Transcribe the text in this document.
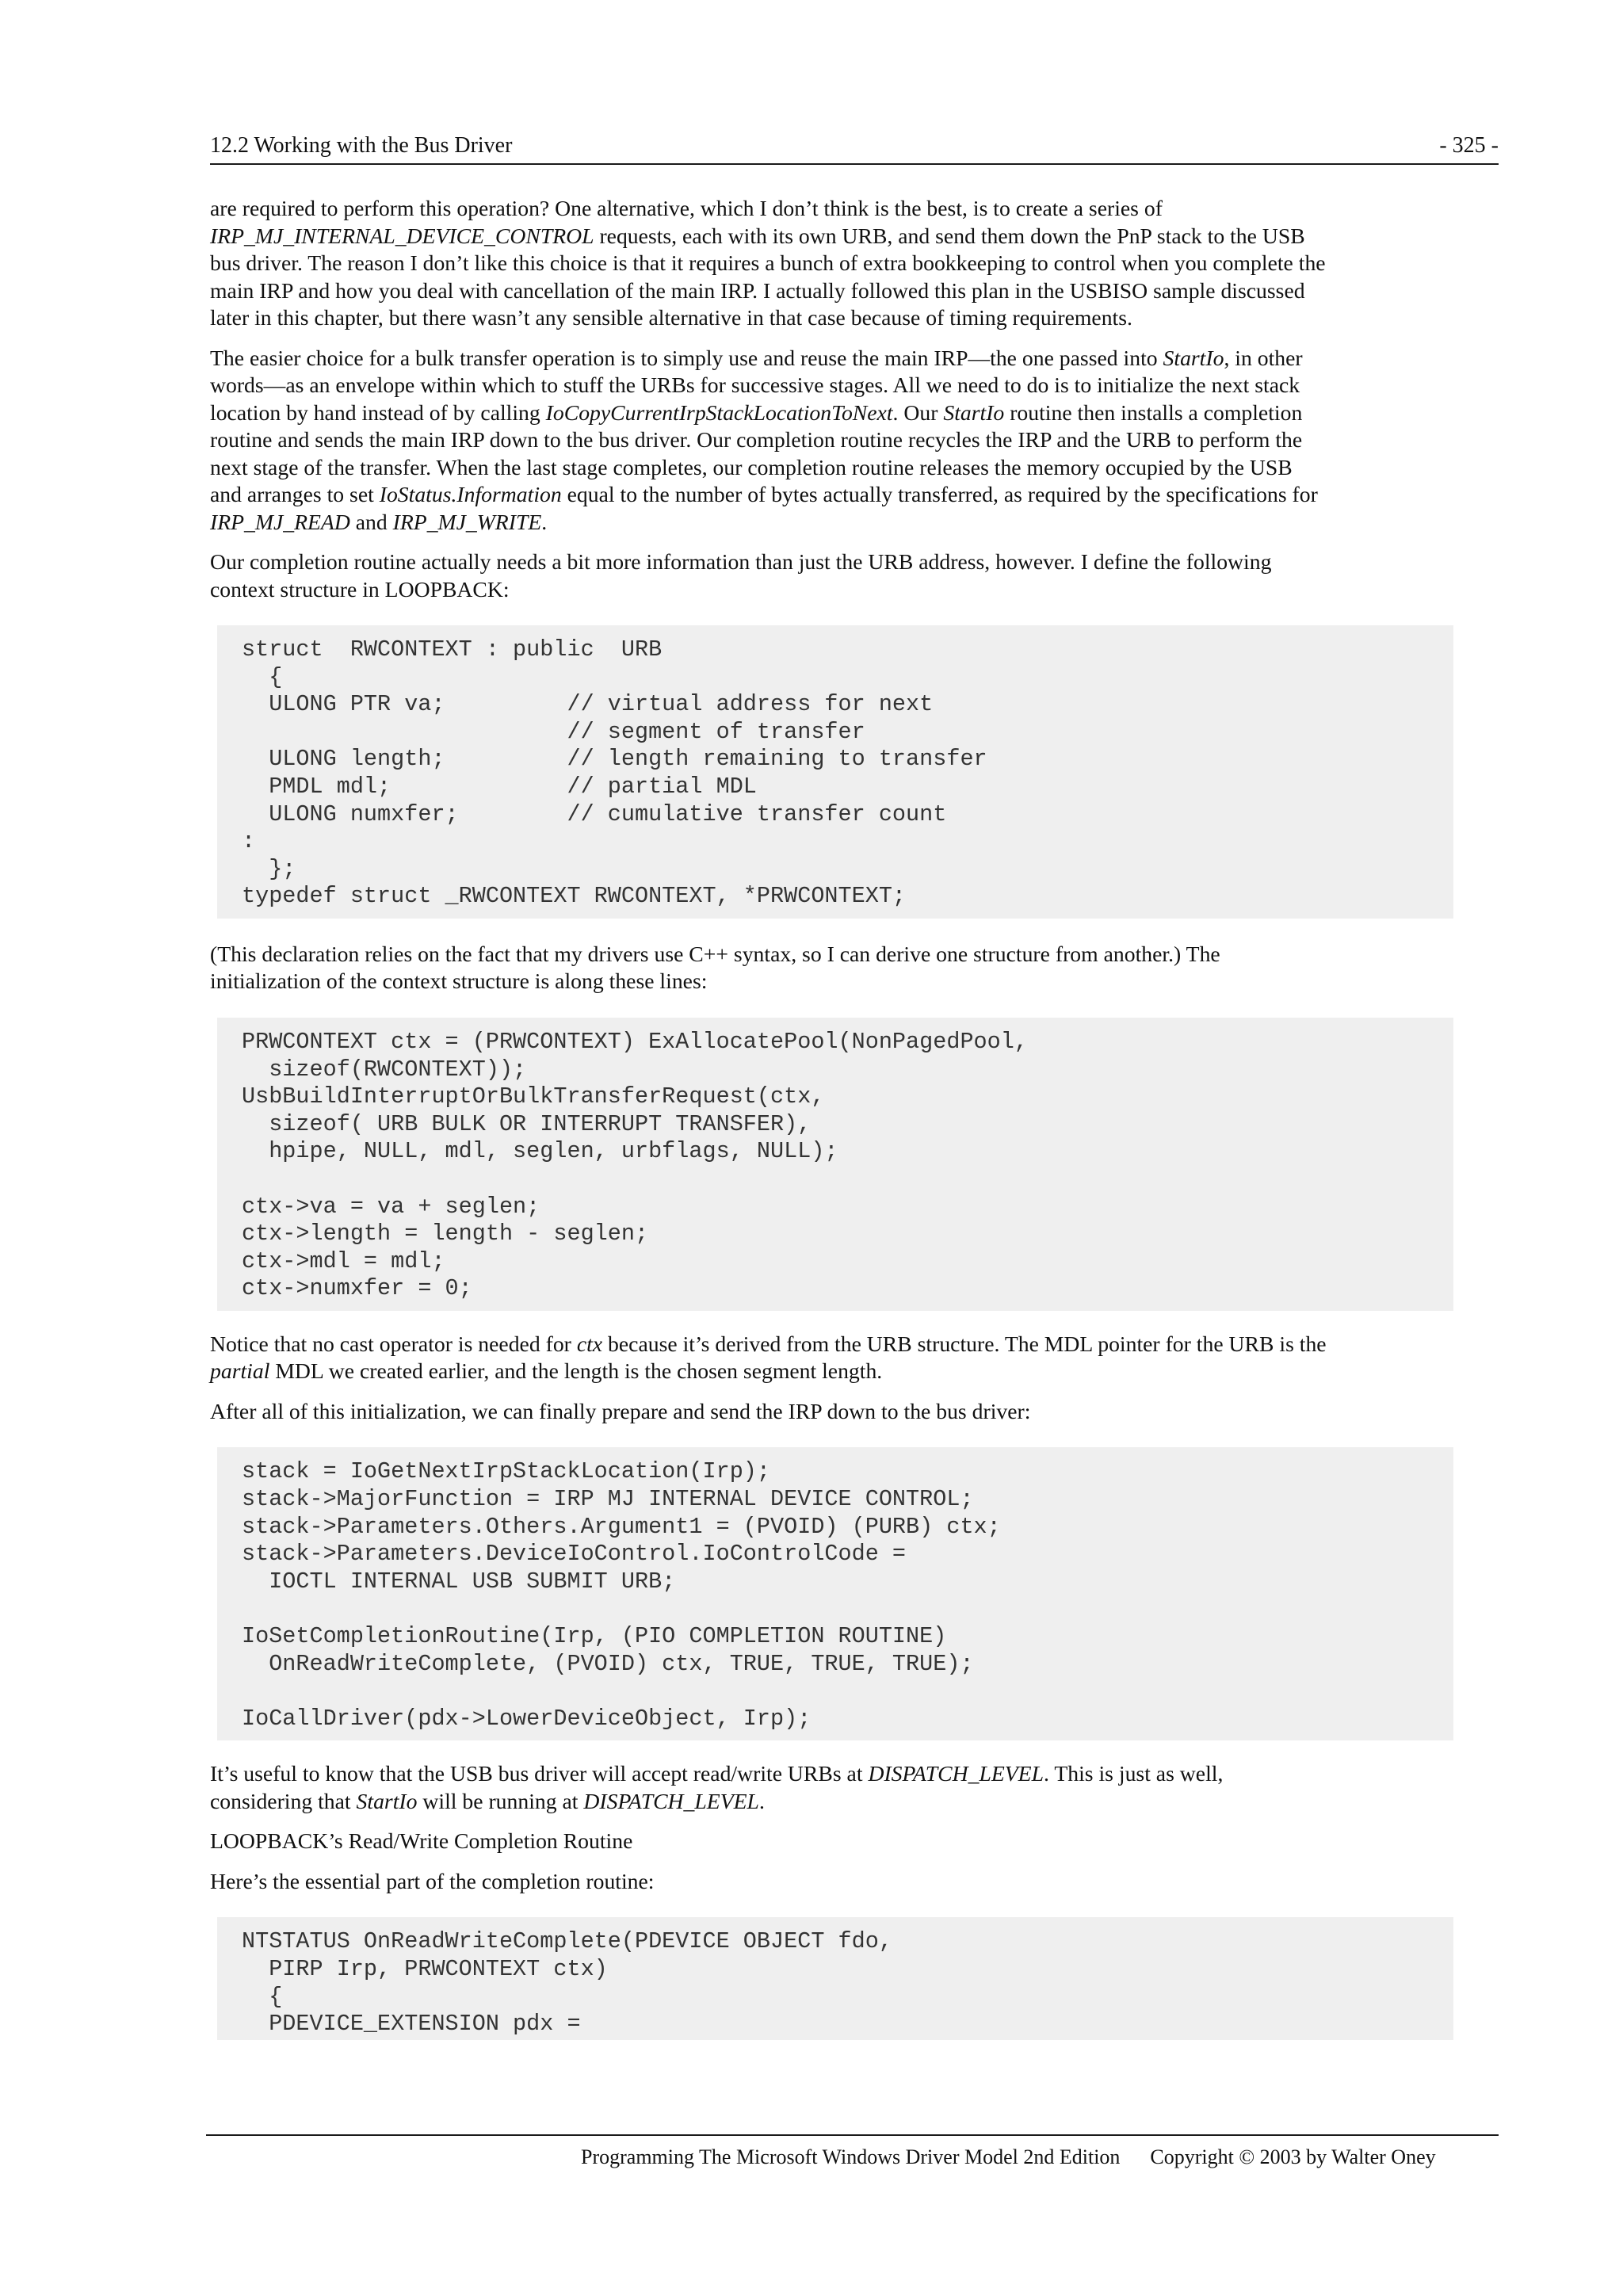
12.2 Working with the Bus Driver	- 325 -

are required to perform this operation? One alternative, which I don’t think is the best, is to create a series of
IRP_MJ_INTERNAL_DEVICE_CONTROL requests, each with its own URB, and send them down the PnP stack to the USB
bus driver. The reason I don’t like this choice is that it requires a bunch of extra bookkeeping to control when you complete the
main IRP and how you deal with cancellation of the main IRP. I actually followed this plan in the USBISO sample discussed
later in this chapter, but there wasn’t any sensible alternative in that case because of timing requirements.

The easier choice for a bulk transfer operation is to simply use and reuse the main IRP—the one passed into StartIo, in other
words—as an envelope within which to stuff the URBs for successive stages. All we need to do is to initialize the next stack
location by hand instead of by calling IoCopyCurrentIrpStackLocationToNext. Our StartIo routine then installs a completion
routine and sends the main IRP down to the bus driver. Our completion routine recycles the IRP and the URB to perform the
next stage of the transfer. When the last stage completes, our completion routine releases the memory occupied by the USB
and arranges to set IoStatus.Information equal to the number of bytes actually transferred, as required by the specifications for
IRP_MJ_READ and IRP_MJ_WRITE.

Our completion routine actually needs a bit more information than just the URB address, however. I define the following
context structure in LOOPBACK:

struct  RWCONTEXT : public  URB
{
ULONG PTR va;         // virtual address for next
// segment of transfer
ULONG length;         // length remaining to transfer
PMDL mdl;             // partial MDL
ULONG numxfer;        // cumulative transfer count
:
};
typedef struct _RWCONTEXT RWCONTEXT, *PRWCONTEXT;

(This declaration relies on the fact that my drivers use C++ syntax, so I can derive one structure from another.) The
initialization of the context structure is along these lines:

PRWCONTEXT ctx = (PRWCONTEXT) ExAllocatePool(NonPagedPool,
sizeof(RWCONTEXT));
UsbBuildInterruptOrBulkTransferRequest(ctx,
sizeof( URB BULK OR INTERRUPT TRANSFER),
hpipe, NULL, mdl, seglen, urbflags, NULL);

ctx->va = va + seglen;
ctx->length = length - seglen;
ctx->mdl = mdl;
ctx->numxfer = 0;

Notice that no cast operator is needed for ctx because it’s derived from the URB structure. The MDL pointer for the URB is the
partial MDL we created earlier, and the length is the chosen segment length.

After all of this initialization, we can finally prepare and send the IRP down to the bus driver:

stack = IoGetNextIrpStackLocation(Irp);
stack->MajorFunction = IRP MJ INTERNAL DEVICE CONTROL;
stack->Parameters.Others.Argument1 = (PVOID) (PURB) ctx;
stack->Parameters.DeviceIoControl.IoControlCode =
IOCTL INTERNAL USB SUBMIT URB;

IoSetCompletionRoutine(Irp, (PIO COMPLETION ROUTINE)
OnReadWriteComplete, (PVOID) ctx, TRUE, TRUE, TRUE);

IoCallDriver(pdx->LowerDeviceObject, Irp);

It’s useful to know that the USB bus driver will accept read/write URBs at DISPATCH_LEVEL. This is just as well,
considering that StartIo will be running at DISPATCH_LEVEL.

LOOPBACK’s Read/Write Completion Routine

Here’s the essential part of the completion routine:

NTSTATUS OnReadWriteComplete(PDEVICE OBJECT fdo,
PIRP Irp, PRWCONTEXT ctx)
{
PDEVICE_EXTENSION pdx =
Programming The Microsoft Windows Driver Model 2nd Edition Copyright © 2003 by Walter Oney
